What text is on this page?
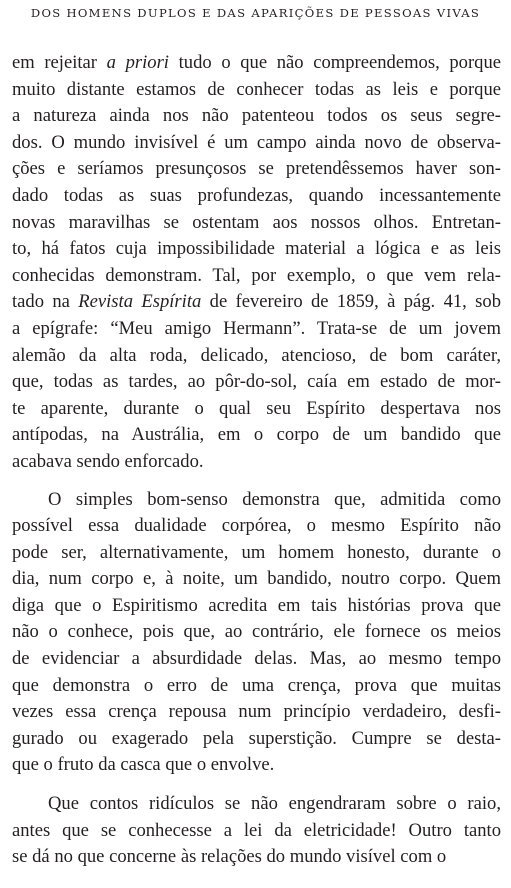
DOS HOMENS DUPLOS E DAS APARIÇÕES DE PESSOAS VIVAS
em rejeitar a priori tudo o que não compreendemos, porque
muito distante estamos de conhecer todas as leis e porque
a natureza ainda nos não patenteou todos os seus segre-
dos. O mundo invisível é um campo ainda novo de observa-
ções e seríamos presunçosos se pretendêssemos haver son-
dado todas as suas profundezas, quando incessantemente
novas maravilhas se ostentam aos nossos olhos. Entretan-
to, há fatos cuja impossibilidade material a lógica e as leis
conhecidas demonstram. Tal, por exemplo, o que vem rela-
tado na Revista Espírita de fevereiro de 1859, à pág. 41, sob
a epígrafe: “Meu amigo Hermann”. Trata-se de um jovem
alemão da alta roda, delicado, atencioso, de bom caráter,
que, todas as tardes, ao pôr-do-sol, caía em estado de mor-
te aparente, durante o qual seu Espírito despertava nos
antípodas, na Austrália, em o corpo de um bandido que
acabava sendo enforcado.
O simples bom-senso demonstra que, admitida como
possível essa dualidade corpórea, o mesmo Espírito não
pode ser, alternativamente, um homem honesto, durante o
dia, num corpo e, à noite, um bandido, noutro corpo. Quem
diga que o Espiritismo acredita em tais histórias prova que
não o conhece, pois que, ao contrário, ele fornece os meios
de evidenciar a absurdidade delas. Mas, ao mesmo tempo
que demonstra o erro de uma crença, prova que muitas
vezes essa crença repousa num princípio verdadeiro, desfi-
gurado ou exagerado pela superstição. Cumpre se desta-
que o fruto da casca que o envolve.
Que contos ridículos se não engendraram sobre o raio,
antes que se conhecesse a lei da eletricidade! Outro tanto
se dá no que concerne às relações do mundo visível com o
